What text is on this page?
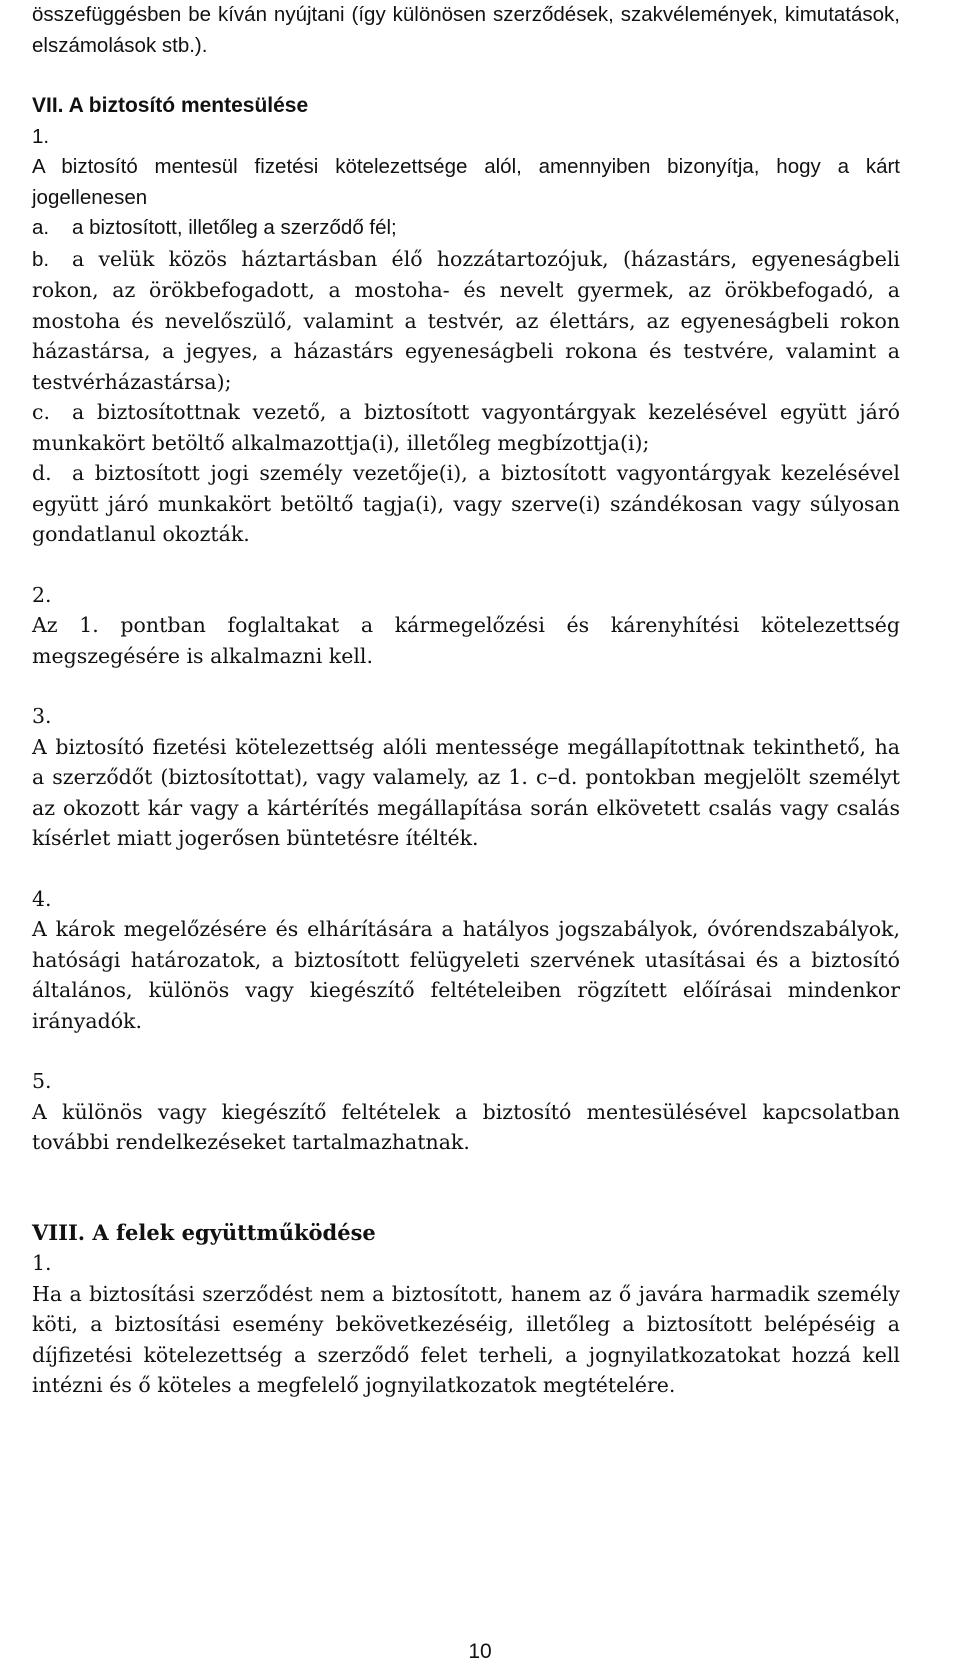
összefüggésben be kíván nyújtani (így különösen szerződések, szakvélemények, kimutatások, elszámolások stb.).

VII. A biztosító mentesülése

1.

A biztosító mentesül fizetési kötelezettsége alól, amennyiben bizonyítja, hogy a kárt jogellenesen

a. a biztosított, illetőleg a szerződő fél;

b. a velük közös háztartásban élő hozzátartozójuk, (házastárs, egyeneságbeli rokon, az örökbefogadott, a mostoha- és nevelt gyermek, az örökbefogadó, a mostoha és nevelőszülő, valamint a testvér, az élettárs, az egyeneságbeli rokon házastársa, a jegyes, a házastárs egyeneságbeli rokona és testvére, valamint a testvérházastársa);

c. a biztosítottnak vezető, a biztosított vagyontárgyak kezelésével együtt járó munkakört betöltő alkalmazottja(i), illetőleg megbízottja(i);

d. a biztosított jogi személy vezetője(i), a biztosított vagyontárgyak kezelésével együtt járó munkakört betöltő tagja(i), vagy szerve(i) szándékosan vagy súlyosan gondatlanul okozták.

2.

Az 1. pontban foglaltakat a kármegelőzési és kárenyhítési kötelezettség megszegésére is alkalmazni kell.

3.

A biztosító fizetési kötelezettség alóli mentessége megállapítottnak tekinthető, ha a szerződőt (biztosítottat), vagy valamely, az 1. c–d. pontokban megjelölt személyt az okozott kár vagy a kártérítés megállapítása során elkövetett csalás vagy csalás kísérlet miatt jogerősen büntetésre ítélték.

4.

A károk megelőzésére és elhárítására a hatályos jogszabályok, óvórendszabályok, hatósági határozatok, a biztosított felügyeleti szervének utasításai és a biztosító általános, különös vagy kiegészítő feltételeiben rögzített előírásai mindenkor irányadók.

5.

A különös vagy kiegészítő feltételek a biztosító mentesülésével kapcsolatban további rendelkezéseket tartalmazhatnak.

VIII. A felek együttműködése

1.

Ha a biztosítási szerződést nem a biztosított, hanem az ő javára harmadik személy köti, a biztosítási esemény bekövetkezéséig, illetőleg a biztosított belépéséig a díjfizetési kötelezettség a szerződő felet terheli, a jognyilatkozatokat hozzá kell intézni és ő köteles a megfelelő jognyilatkozatok megtételére.

10
